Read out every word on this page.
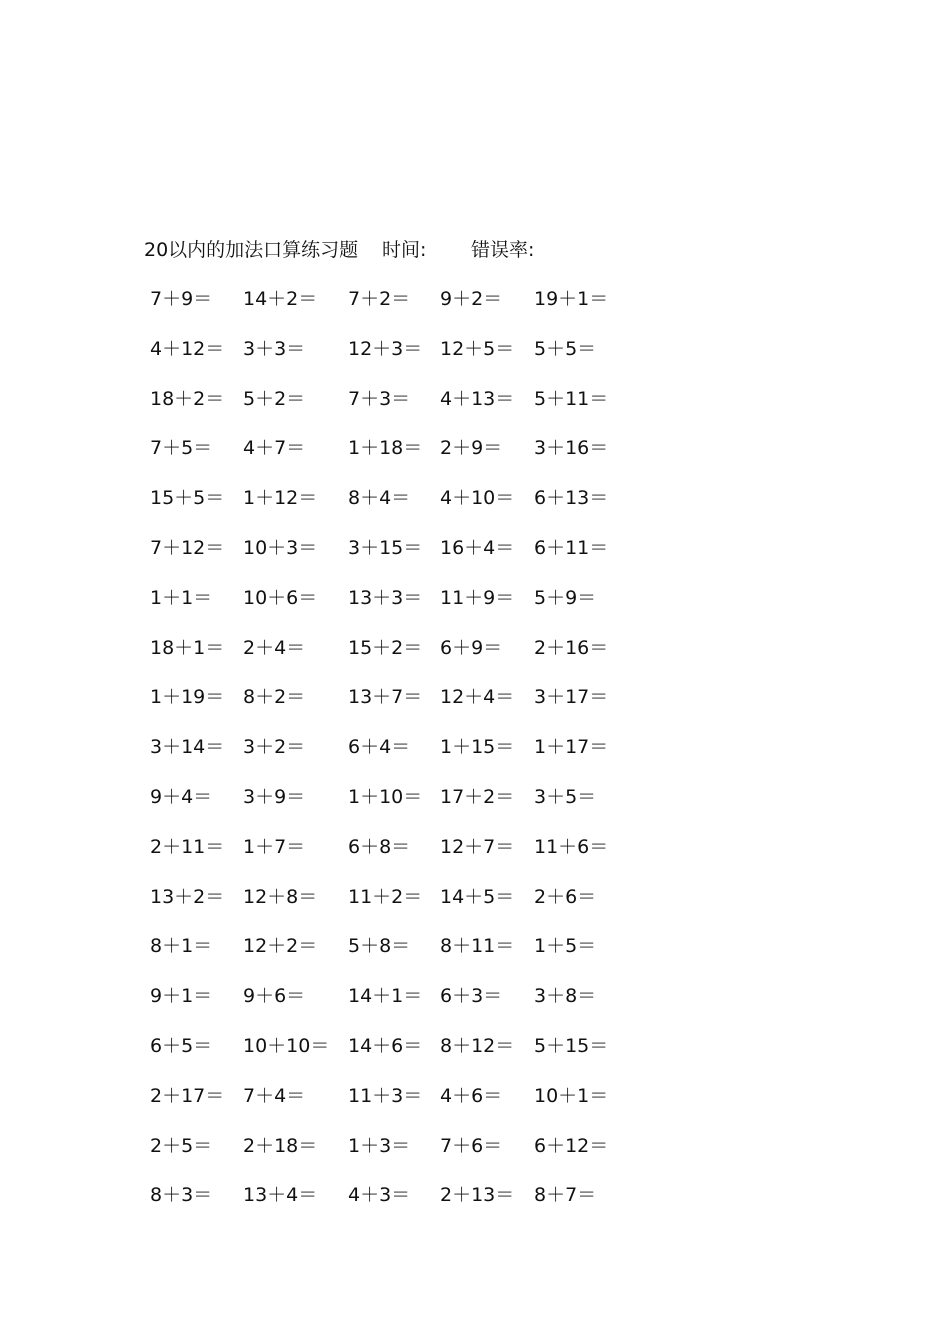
20以内的加法口算练习题 时间: 错误率:
7＋9＝ 14＋2＝ 7＋2＝ 9＋2＝ 19＋1＝
4＋12＝ 3＋3＝ 12＋3＝ 12＋5＝ 5＋5＝
18＋2＝ 5＋2＝ 7＋3＝ 4＋13＝ 5＋11＝
7＋5＝ 4＋7＝ 1＋18＝ 2＋9＝ 3＋16＝
15＋5＝ 1＋12＝ 8＋4＝ 4＋10＝ 6＋13＝
7＋12＝ 10＋3＝ 3＋15＝ 16＋4＝ 6＋11＝
1＋1＝ 10＋6＝ 13＋3＝ 11＋9＝ 5＋9＝
18＋1＝ 2＋4＝ 15＋2＝ 6＋9＝ 2＋16＝
1＋19＝ 8＋2＝ 13＋7＝ 12＋4＝ 3＋17＝
3＋14＝ 3＋2＝ 6＋4＝ 1＋15＝ 1＋17＝
9＋4＝ 3＋9＝ 1＋10＝ 17＋2＝ 3＋5＝
2＋11＝ 1＋7＝ 6＋8＝ 12＋7＝ 11＋6＝
13＋2＝ 12＋8＝ 11＋2＝ 14＋5＝ 2＋6＝
8＋1＝ 12＋2＝ 5＋8＝ 8＋11＝ 1＋5＝
9＋1＝ 9＋6＝ 14＋1＝ 6＋3＝ 3＋8＝
6＋5＝ 10＋10＝ 14＋6＝ 8＋12＝ 5＋15＝
2＋17＝ 7＋4＝ 11＋3＝ 4＋6＝ 10＋1＝
2＋5＝ 2＋18＝ 1＋3＝ 7＋6＝ 6＋12＝
8＋3＝ 13＋4＝ 4＋3＝ 2＋13＝ 8＋7＝
